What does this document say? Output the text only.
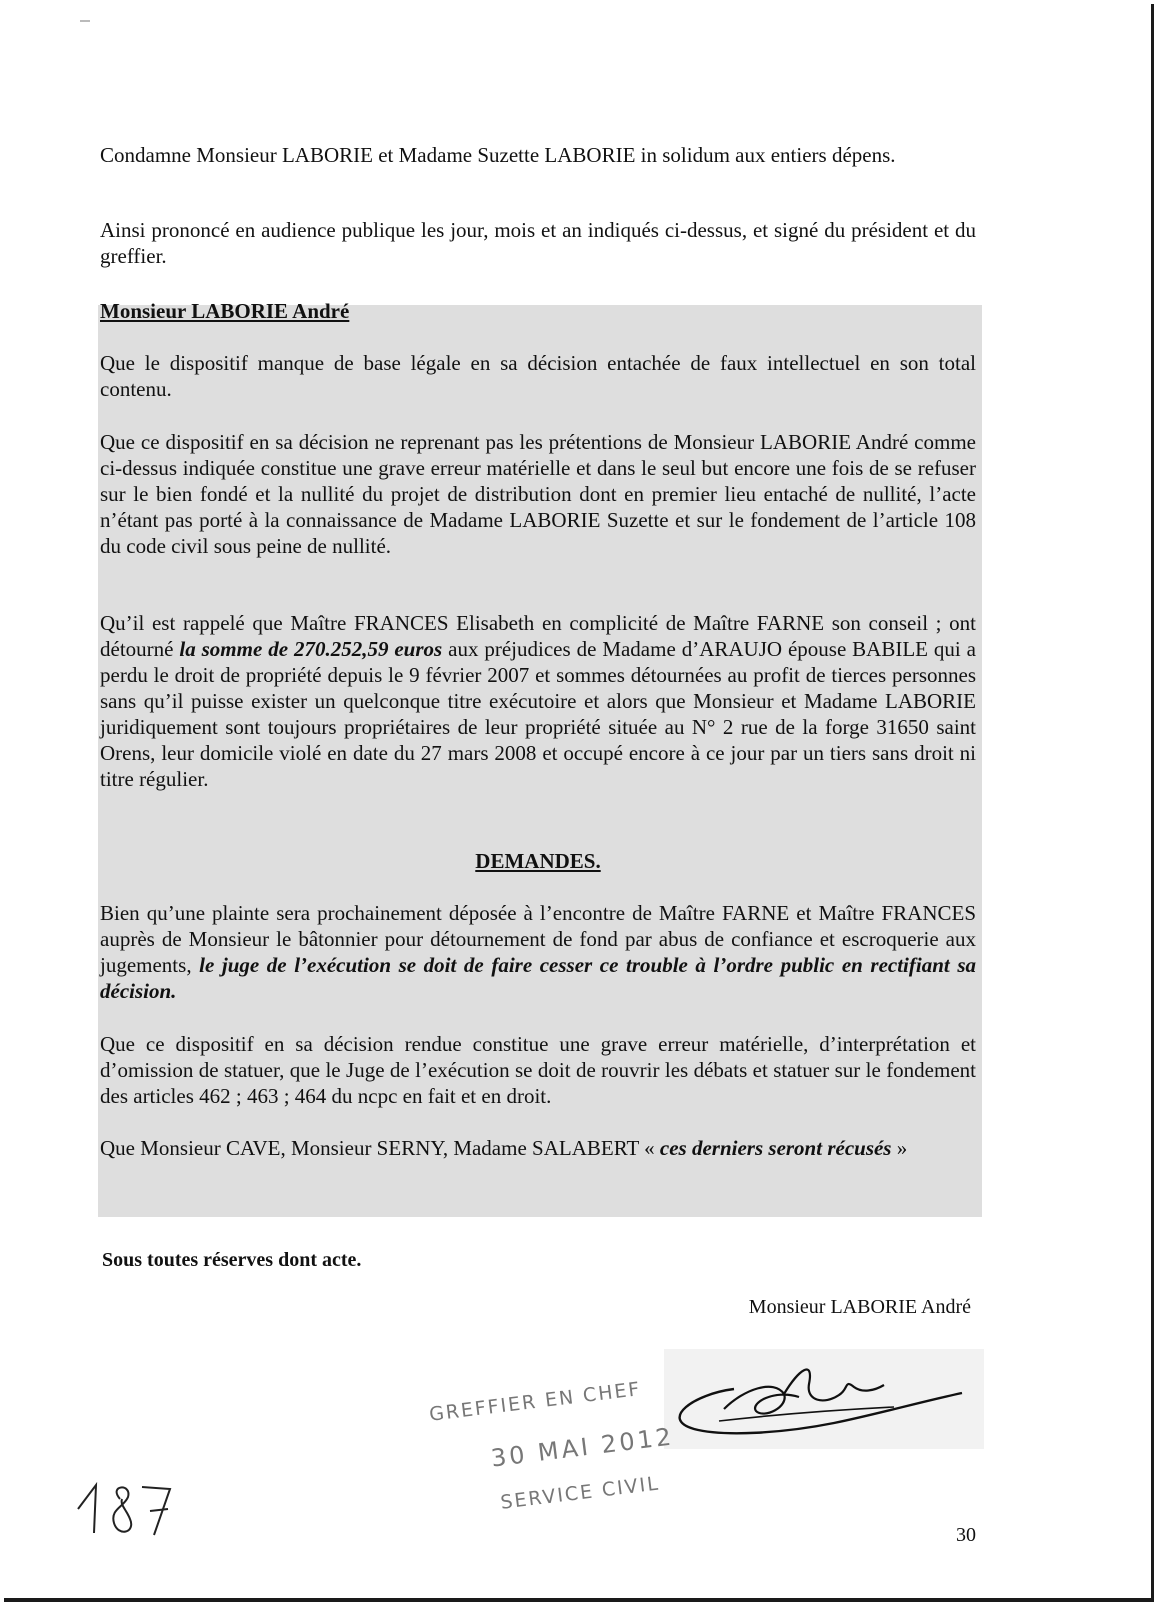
Condamne Monsieur LABORIE et Madame Suzette LABORIE in solidum aux entiers dépens.

Ainsi prononcé en audience publique les jour, mois et an indiqués ci-dessus, et signé du président et du greffier.

Monsieur LABORIE André

Que le dispositif manque de base légale en sa décision entachée de faux intellectuel en son total contenu.

Que ce dispositif en sa décision ne reprenant pas les prétentions de Monsieur LABORIE André comme ci-dessus indiquée constitue une grave erreur matérielle et dans le seul but encore une fois de se refuser sur le bien fondé et la nullité du projet de distribution dont en premier lieu entaché de nullité, l’acte n’étant pas porté à la connaissance de Madame LABORIE Suzette et sur le fondement de l’article 108 du code civil sous peine de nullité.

Qu’il est rappelé que Maître FRANCES Elisabeth en complicité de Maître FARNE son conseil ; ont détourné la somme de 270.252,59 euros aux préjudices de Madame d’ARAUJO épouse BABILE qui a perdu le droit de propriété depuis le 9 février 2007 et sommes détournées au profit de tierces personnes sans qu’il puisse exister un quelconque titre exécutoire et alors que Monsieur et Madame LABORIE juridiquement sont toujours propriétaires de leur propriété située au N° 2 rue de la forge 31650 saint Orens, leur domicile violé en date du 27 mars 2008 et occupé encore à ce jour par un tiers sans droit ni titre régulier.

DEMANDES.

Bien qu’une plainte sera prochainement déposée à l’encontre de Maître FARNE et Maître FRANCES auprès de Monsieur le bâtonnier pour détournement de fond par abus de confiance et escroquerie aux jugements, le juge de l’exécution se doit de faire cesser ce trouble à l’ordre public en rectifiant sa décision.

Que ce dispositif en sa décision rendue constitue une grave erreur matérielle, d’interprétation et d’omission de statuer, que le Juge de l’exécution se doit de rouvrir les débats et statuer sur le fondement des articles 462 ; 463 ; 464 du ncpc en fait et en droit.

Que Monsieur CAVE, Monsieur SERNY, Madame SALABERT « ces derniers seront récusés »

Sous toutes réserves dont acte.

Monsieur LABORIE André

GREFFIER EN CHEF
30 MAI 2012
SERVICE CIVIL

30
